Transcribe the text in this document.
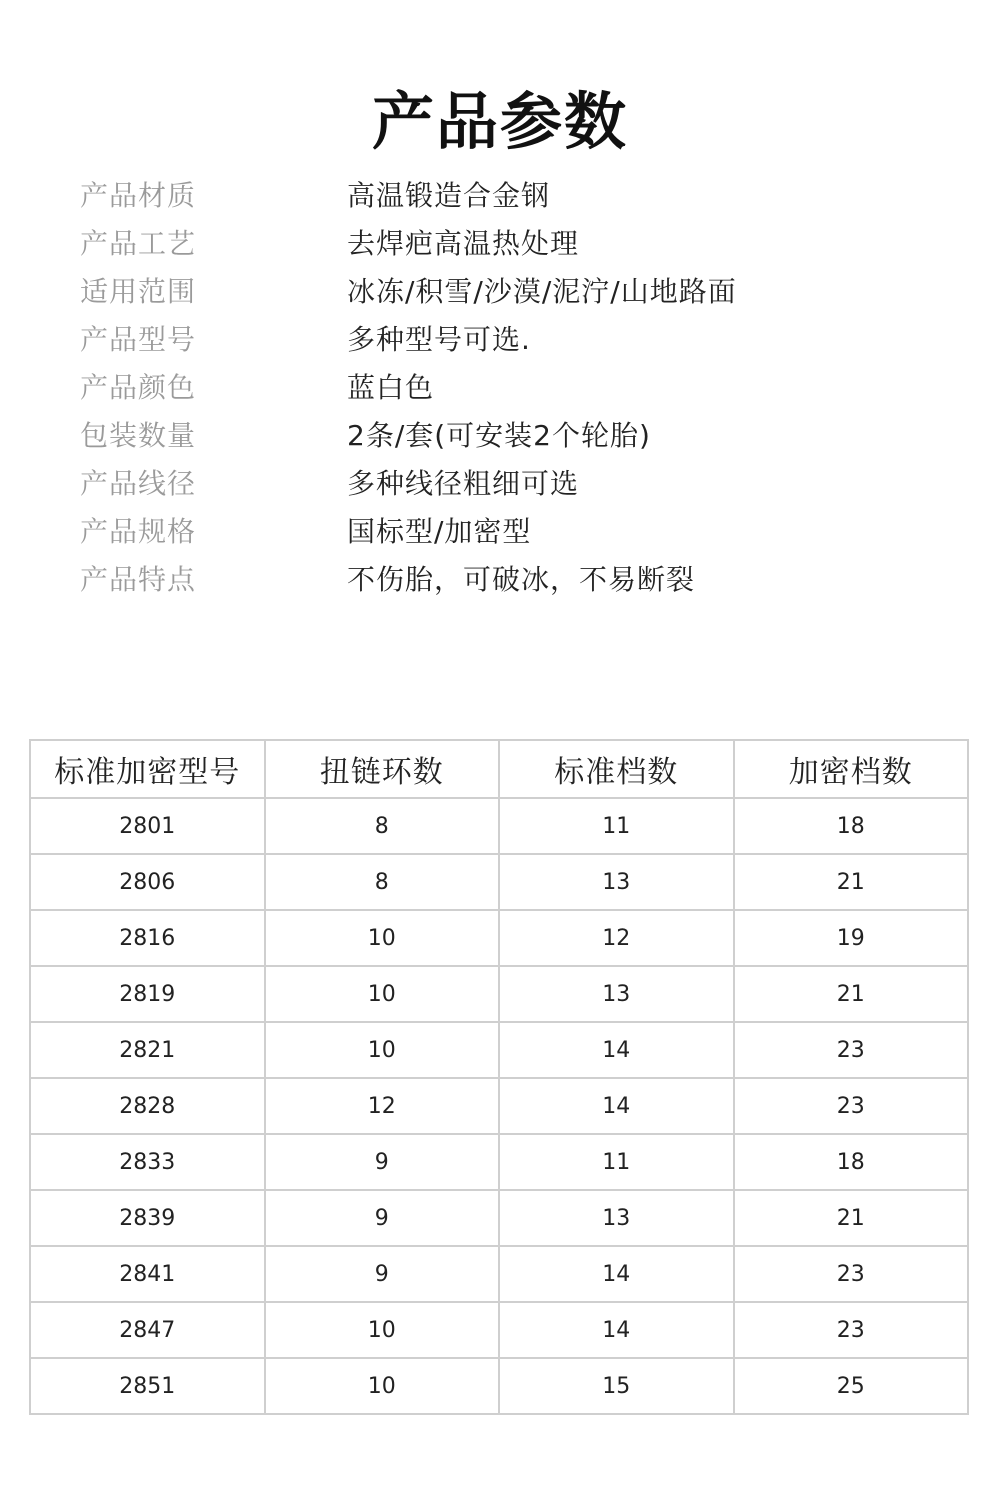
产品参数
产品材质	高温锻造合金钢
产品工艺	去焊疤高温热处理
适用范围	冰冻/积雪/沙漠/泥泞/山地路面
产品型号	多种型号可选.
产品颜色	蓝白色
包装数量	2条/套(可安装2个轮胎)
产品线径	多种线径粗细可选
产品规格	国标型/加密型
产品特点	不伤胎，可破冰，不易断裂
标准加密型号	扭链环数	标准档数	加密档数
2801	8	11	18
2806	8	13	21
2816	10	12	19
2819	10	13	21
2821	10	14	23
2828	12	14	23
2833	9	11	18
2839	9	13	21
2841	9	14	23
2847	10	14	23
2851	10	15	25
